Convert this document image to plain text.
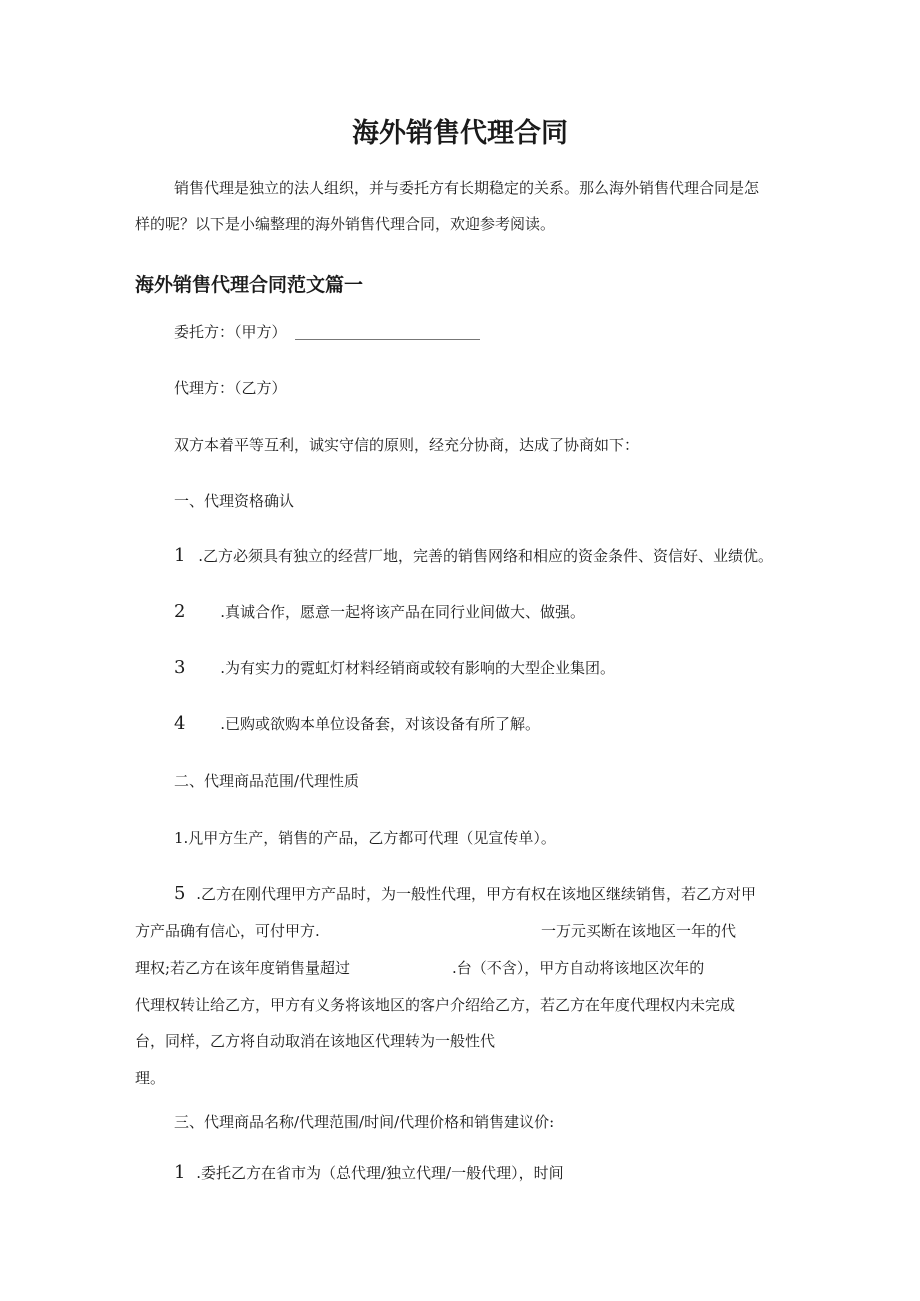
海外销售代理合同

销售代理是独立的法人组织，并与委托方有长期稳定的关系。那么海外销售代理合同是怎

样的呢？以下是小编整理的海外销售代理合同，欢迎参考阅读。

海外销售代理合同范文篇一

委托方：（甲方）

代理方：（乙方）

双方本着平等互利，诚实守信的原则，经充分协商，达成了协商如下：

一、代理资格确认

1 .乙方必须具有独立的经营厂地，完善的销售网络和相应的资金条件、资信好、业绩优。

2 .真诚合作，愿意一起将该产品在同行业间做大、做强。

3 .为有实力的霓虹灯材料经销商或较有影响的大型企业集团。

4 .已购或欲购本单位设备套，对该设备有所了解。

二、代理商品范围/代理性质

1.凡甲方生产，销售的产品，乙方都可代理（见宣传单）。

5 .乙方在刚代理甲方产品时，为一般性代理，甲方有权在该地区继续销售，若乙方对甲

方产品确有信心，可付甲方.	一万元买断在该地区一年的代

理权;若乙方在该年度销售量超过	.台（不含），甲方自动将该地区次年的

代理权转让给乙方，甲方有义务将该地区的客户介绍给乙方，若乙方在年度代理权内未完成

台，同样，乙方将自动取消在该地区代理转为一般性代

理。

三、代理商品名称/代理范围/时间/代理价格和销售建议价:

1 .委托乙方在省市为（总代理/独立代理/一般代理），时间
